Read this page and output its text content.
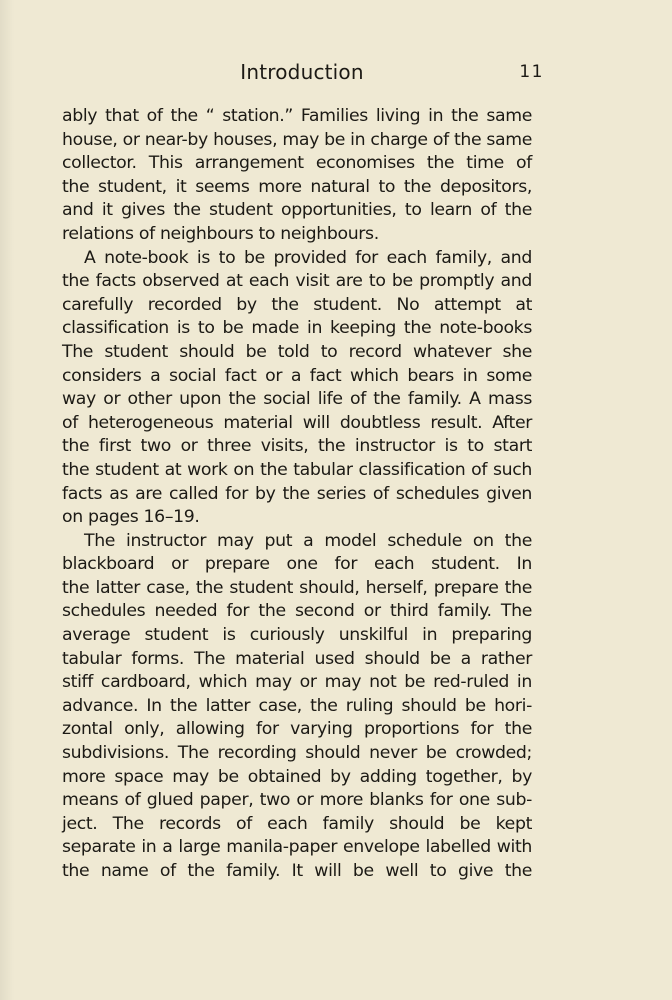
Introduction	11
ably that of the “ station.” Families living in the same
house, or near-by houses, may be in charge of the same
collector. This arrangement economises the time of
the student, it seems more natural to the depositors,
and it gives the student opportunities, to learn of the
relations of neighbours to neighbours.
A note-book is to be provided for each family, and
the facts observed at each visit are to be promptly and
carefully recorded by the student. No attempt at
classification is to be made in keeping the note-books
The student should be told to record whatever she
considers a social fact or a fact which bears in some
way or other upon the social life of the family. A mass
of heterogeneous material will doubtless result. After
the first two or three visits, the instructor is to start
the student at work on the tabular classification of such
facts as are called for by the series of schedules given
on pages 16–19.
The instructor may put a model schedule on the
blackboard or prepare one for each student. In
the latter case, the student should, herself, prepare the
schedules needed for the second or third family. The
average student is curiously unskilful in preparing
tabular forms. The material used should be a rather
stiff cardboard, which may or may not be red-ruled in
advance. In the latter case, the ruling should be hori-
zontal only, allowing for varying proportions for the
subdivisions. The recording should never be crowded;
more space may be obtained by adding together, by
means of glued paper, two or more blanks for one sub-
ject. The records of each family should be kept
separate in a large manila-paper envelope labelled with
the name of the family. It will be well to give the
